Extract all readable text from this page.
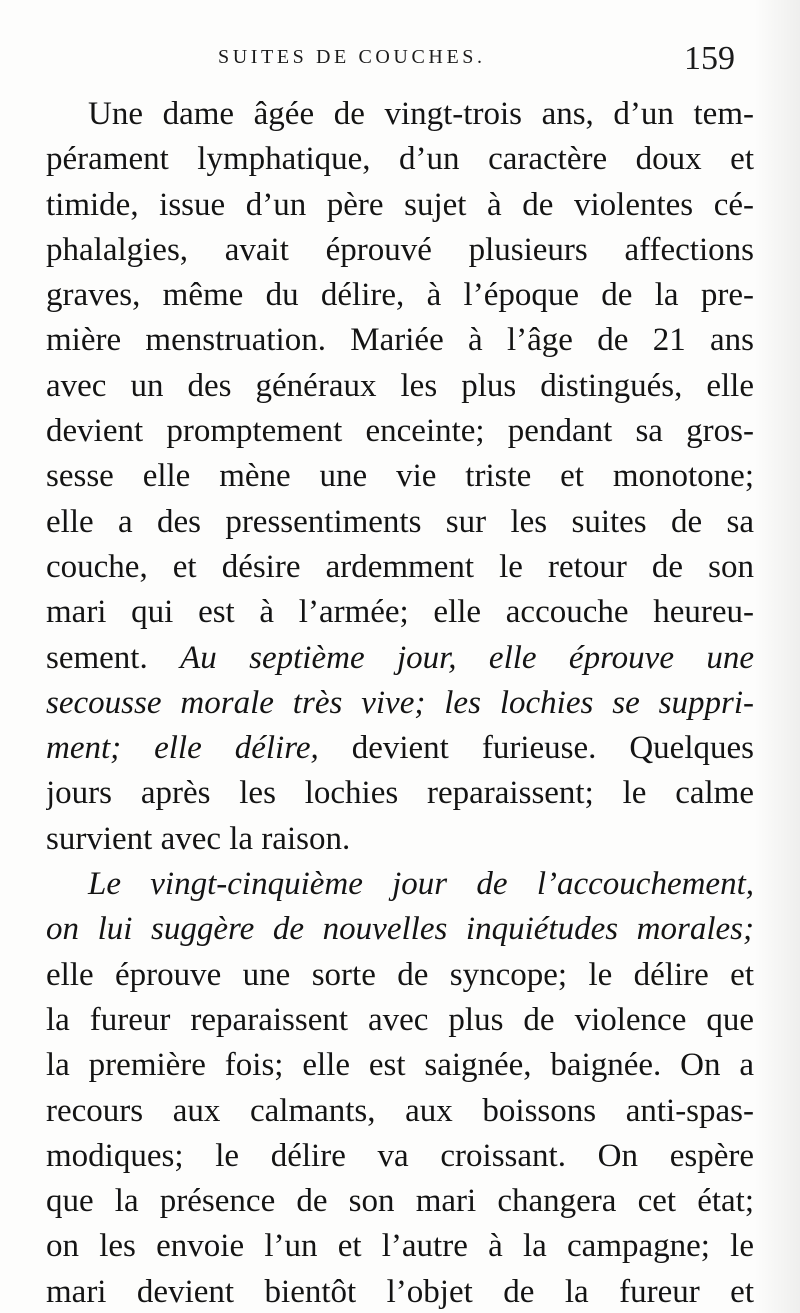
SUITES DE COUCHES.	159
Une dame âgée de vingt-trois ans, d’un tem-
pérament lymphatique, d’un caractère doux et
timide, issue d’un père sujet à de violentes cé-
phalalgies, avait éprouvé plusieurs affections
graves, même du délire, à l’époque de la pre-
mière menstruation. Mariée à l’âge de 21 ans
avec un des généraux les plus distingués, elle
devient promptement enceinte; pendant sa gros-
sesse elle mène une vie triste et monotone;
elle a des pressentiments sur les suites de sa
couche, et désire ardemment le retour de son
mari qui est à l’armée; elle accouche heureu-
sement. Au septième jour, elle éprouve une
secousse morale très vive; les lochies se suppri-
ment; elle délire, devient furieuse. Quelques
jours après les lochies reparaissent; le calme
survient avec la raison.
Le vingt-cinquième jour de l’accouchement,
on lui suggère de nouvelles inquiétudes morales;
elle éprouve une sorte de syncope; le délire et
la fureur reparaissent avec plus de violence que
la première fois; elle est saignée, baignée. On a
recours aux calmants, aux boissons anti-spas-
modiques; le délire va croissant. On espère
que la présence de son mari changera cet état;
on les envoie l’un et l’autre à la campagne; le
mari devient bientôt l’objet de la fureur et
